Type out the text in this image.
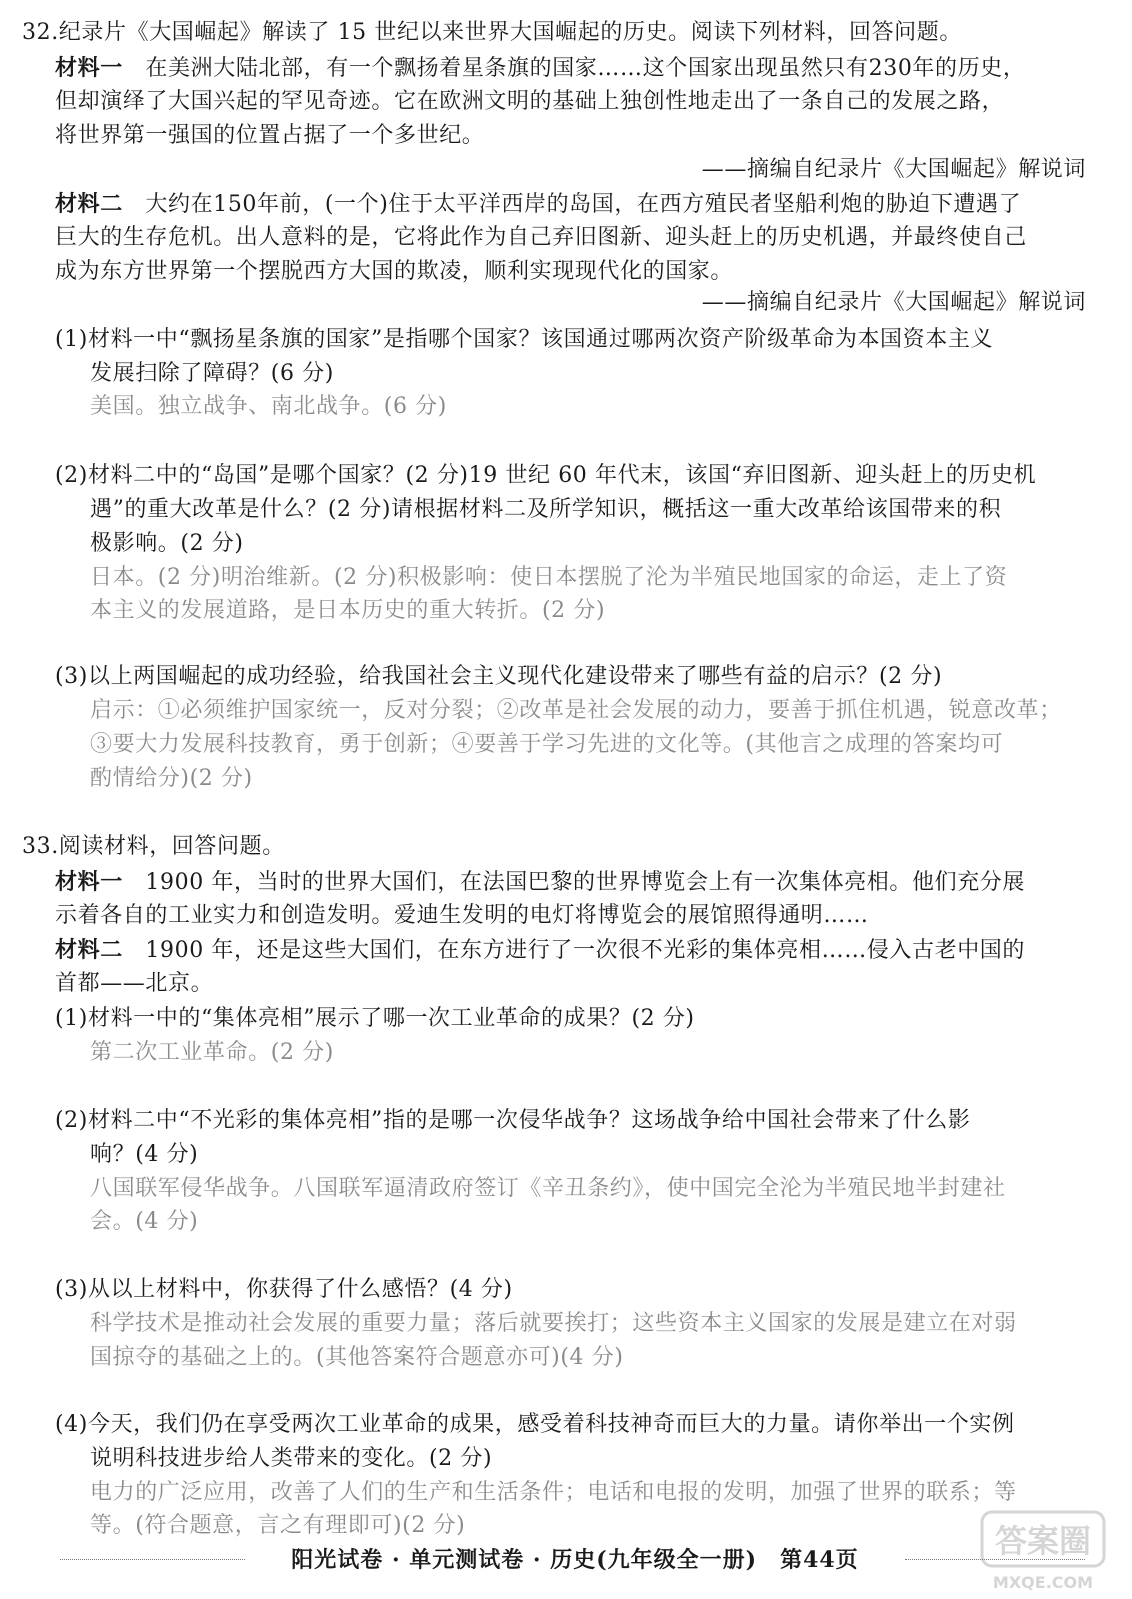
32.纪录片《大国崛起》解读了 15 世纪以来世界大国崛起的历史。阅读下列材料，回答问题。
材料一  在美洲大陆北部，有一个飘扬着星条旗的国家……这个国家出现虽然只有230年的历史，
但却演绎了大国兴起的罕见奇迹。它在欧洲文明的基础上独创性地走出了一条自己的发展之路，
将世界第一强国的位置占据了一个多世纪。
——摘编自纪录片《大国崛起》解说词
材料二  大约在150年前，(一个)住于太平洋西岸的岛国，在西方殖民者坚船利炮的胁迫下遭遇了
巨大的生存危机。出人意料的是，它将此作为自己弃旧图新、迎头赶上的历史机遇，并最终使自己
成为东方世界第一个摆脱西方大国的欺凌，顺利实现现代化的国家。
——摘编自纪录片《大国崛起》解说词
(1)材料一中“飘扬星条旗的国家”是指哪个国家？该国通过哪两次资产阶级革命为本国资本主义
发展扫除了障碍？(6 分)
美国。独立战争、南北战争。(6 分)
(2)材料二中的“岛国”是哪个国家？(2 分)19 世纪 60 年代末，该国“弃旧图新、迎头赶上的历史机
遇”的重大改革是什么？(2 分)请根据材料二及所学知识，概括这一重大改革给该国带来的积
极影响。(2 分)
日本。(2 分)明治维新。(2 分)积极影响：使日本摆脱了沦为半殖民地国家的命运，走上了资
本主义的发展道路，是日本历史的重大转折。(2 分)
(3)以上两国崛起的成功经验，给我国社会主义现代化建设带来了哪些有益的启示？(2 分)
启示：①必须维护国家统一，反对分裂；②改革是社会发展的动力，要善于抓住机遇，锐意改革；
③要大力发展科技教育，勇于创新；④要善于学习先进的文化等。(其他言之成理的答案均可
酌情给分)(2 分)
33.阅读材料，回答问题。
材料一  1900 年，当时的世界大国们，在法国巴黎的世界博览会上有一次集体亮相。他们充分展
示着各自的工业实力和创造发明。爱迪生发明的电灯将博览会的展馆照得通明……
材料二  1900 年，还是这些大国们，在东方进行了一次很不光彩的集体亮相……侵入古老中国的
首都——北京。
(1)材料一中的“集体亮相”展示了哪一次工业革命的成果？(2 分)
第二次工业革命。(2 分)
(2)材料二中“不光彩的集体亮相”指的是哪一次侵华战争？这场战争给中国社会带来了什么影
响？(4 分)
八国联军侵华战争。八国联军逼清政府签订《辛丑条约》，使中国完全沦为半殖民地半封建社
会。(4 分)
(3)从以上材料中，你获得了什么感悟？(4 分)
科学技术是推动社会发展的重要力量；落后就要挨打；这些资本主义国家的发展是建立在对弱
国掠夺的基础之上的。(其他答案符合题意亦可)(4 分)
(4)今天，我们仍在享受两次工业革命的成果，感受着科技神奇而巨大的力量。请你举出一个实例
说明科技进步给人类带来的变化。(2 分)
电力的广泛应用，改善了人们的生产和生活条件；电话和电报的发明，加强了世界的联系；等
等。(符合题意，言之有理即可)(2 分)
阳光试卷 · 单元测试卷 · 历史(九年级全一册)　第44页	答案圈
MXQE.COM
